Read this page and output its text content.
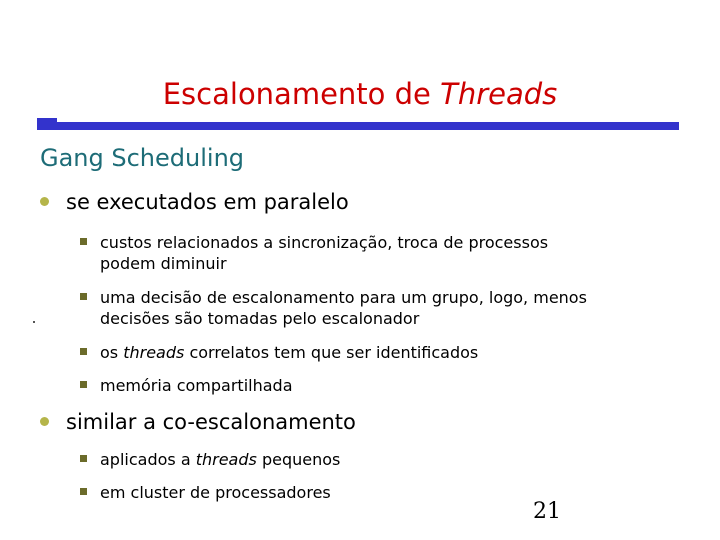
Escalonamento de Threads
Gang Scheduling
se executados em paralelo
custos relacionados a sincronização, troca de processos
podem diminuir
uma decisão de escalonamento para um grupo, logo, menos
decisões são tomadas pelo escalonador
os threads correlatos tem que ser identificados
memória compartilhada
similar a co-escalonamento
aplicados a threads pequenos
em cluster de processadores
21
